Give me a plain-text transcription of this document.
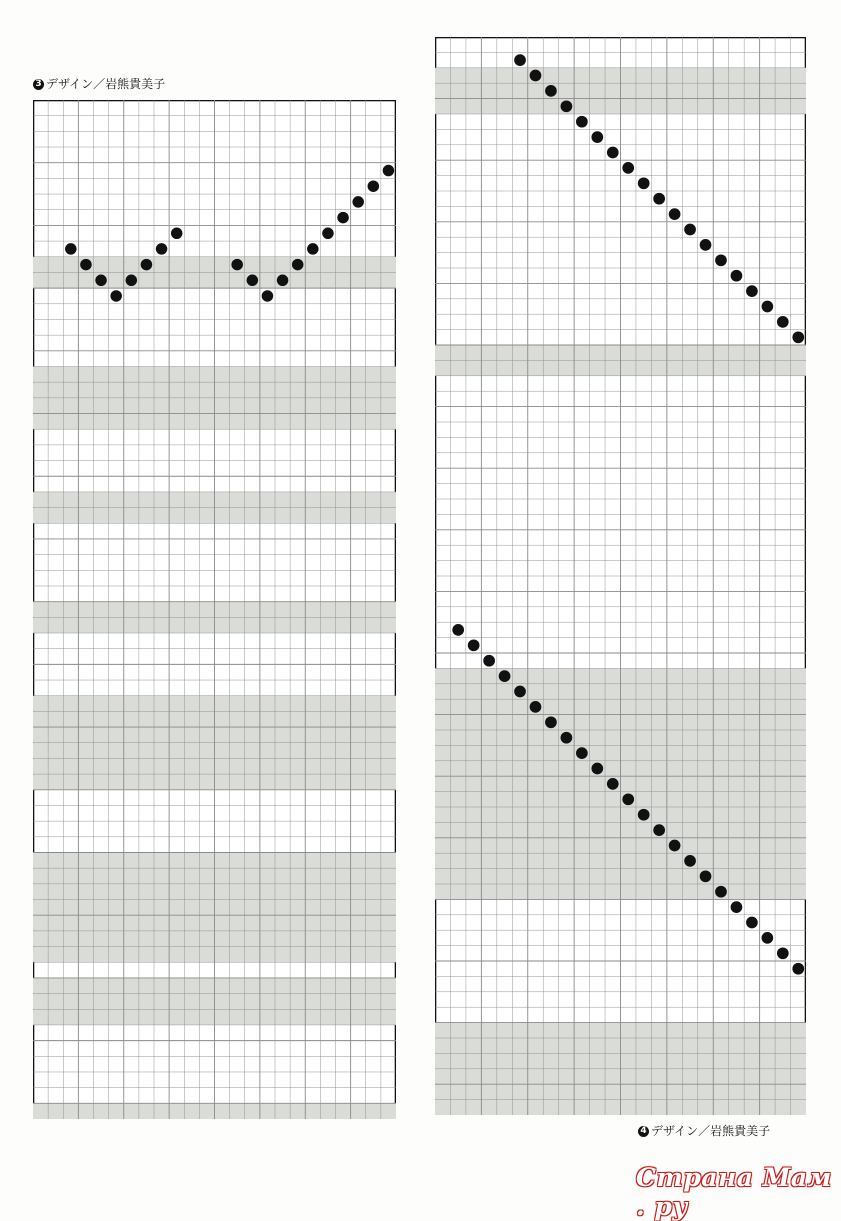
3 デザイン／岩熊貴美子
4 デザイン／岩熊貴美子
Страна Мам . ру
